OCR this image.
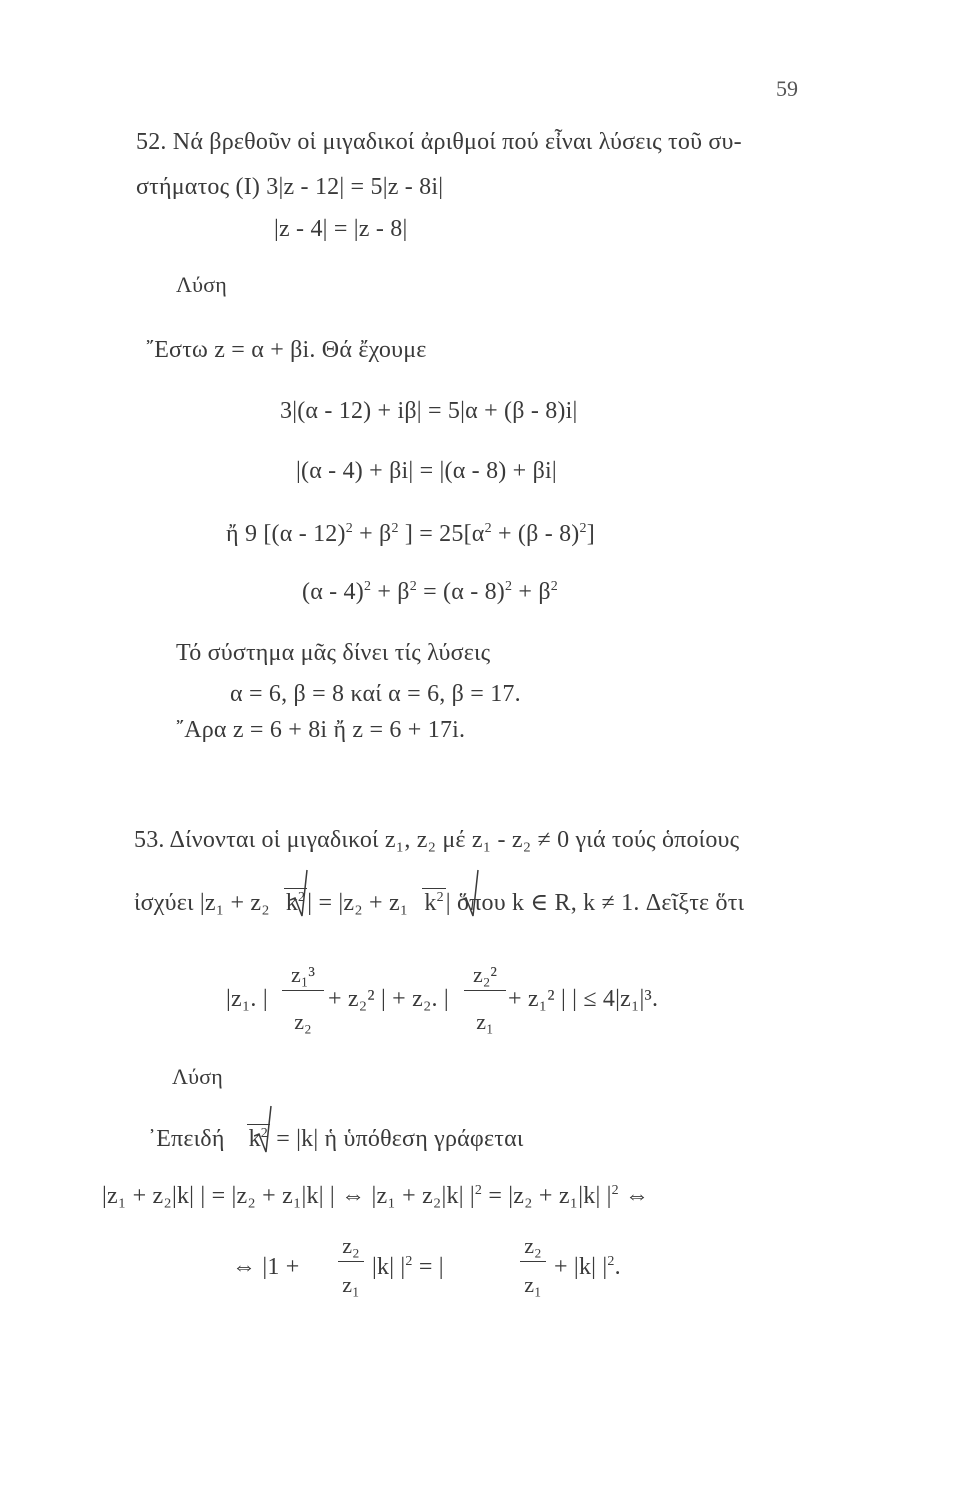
59
52. Νά βρεθοῦν οἱ μιγαδικοί ἀριθμοί πού εἶναι λύσεις τοῦ συ-
στήματος (Ι) 3|z - 12| = 5|z - 8i|
|z - 4| = |z - 8|
Λύση
῎Εστω z = α + βi. Θά ἔχουμε
3|(α - 12) + iβ| = 5|α + (β - 8)i|
|(α - 4) + βi| = |(α - 8) + βi|
ἤ 9 [$(\alpha - 12)^2 + \beta^2$ ] = $25[\alpha^2 + (\beta - 8)^2]$
$(\alpha - 4)^2 + \beta^2 = (\alpha - 8)^2 + \beta^2$
Τό σύστημα μᾶς δίνει τίς λύσεις
α = 6, β = 8 καί α = 6, β = 17.
῎Αρα z = 6 + 8i ἤ z = 6 + 17i.
53. Δίνονται οἱ μιγαδικοί z₁, z₂ μέ z₁ - z₂ ≠ 0 γιά τούς ὁποίους
ἰσχύει |z₁ + z₂ $k^2| = |z_2 + z_1$ $k^2|$ ὅπου k ∈ R, k ≠ 1. Δεῖξτε ὅτι
|z₁. |
z₁³
z₂
+ z₂² | + z₂. |
z₂²
z₁
+ z₁² | | ≤ 4|z₁|³.
Λύση
᾿Επειδή $k^2 = |k|$ ἡ ὑπόθεση γράφεται
|z₁ + z₂|k| | = |z₂ + z₁|k| | ⇔ |z₁ + z₂|k| $|^2 = |z_2 + z_1|k|$ $|^2$ ⇔
⇔ |1 +
z₂
z₁
|k| $|^2$ = |
z₂
z₁
+ |k| $|^2$.
